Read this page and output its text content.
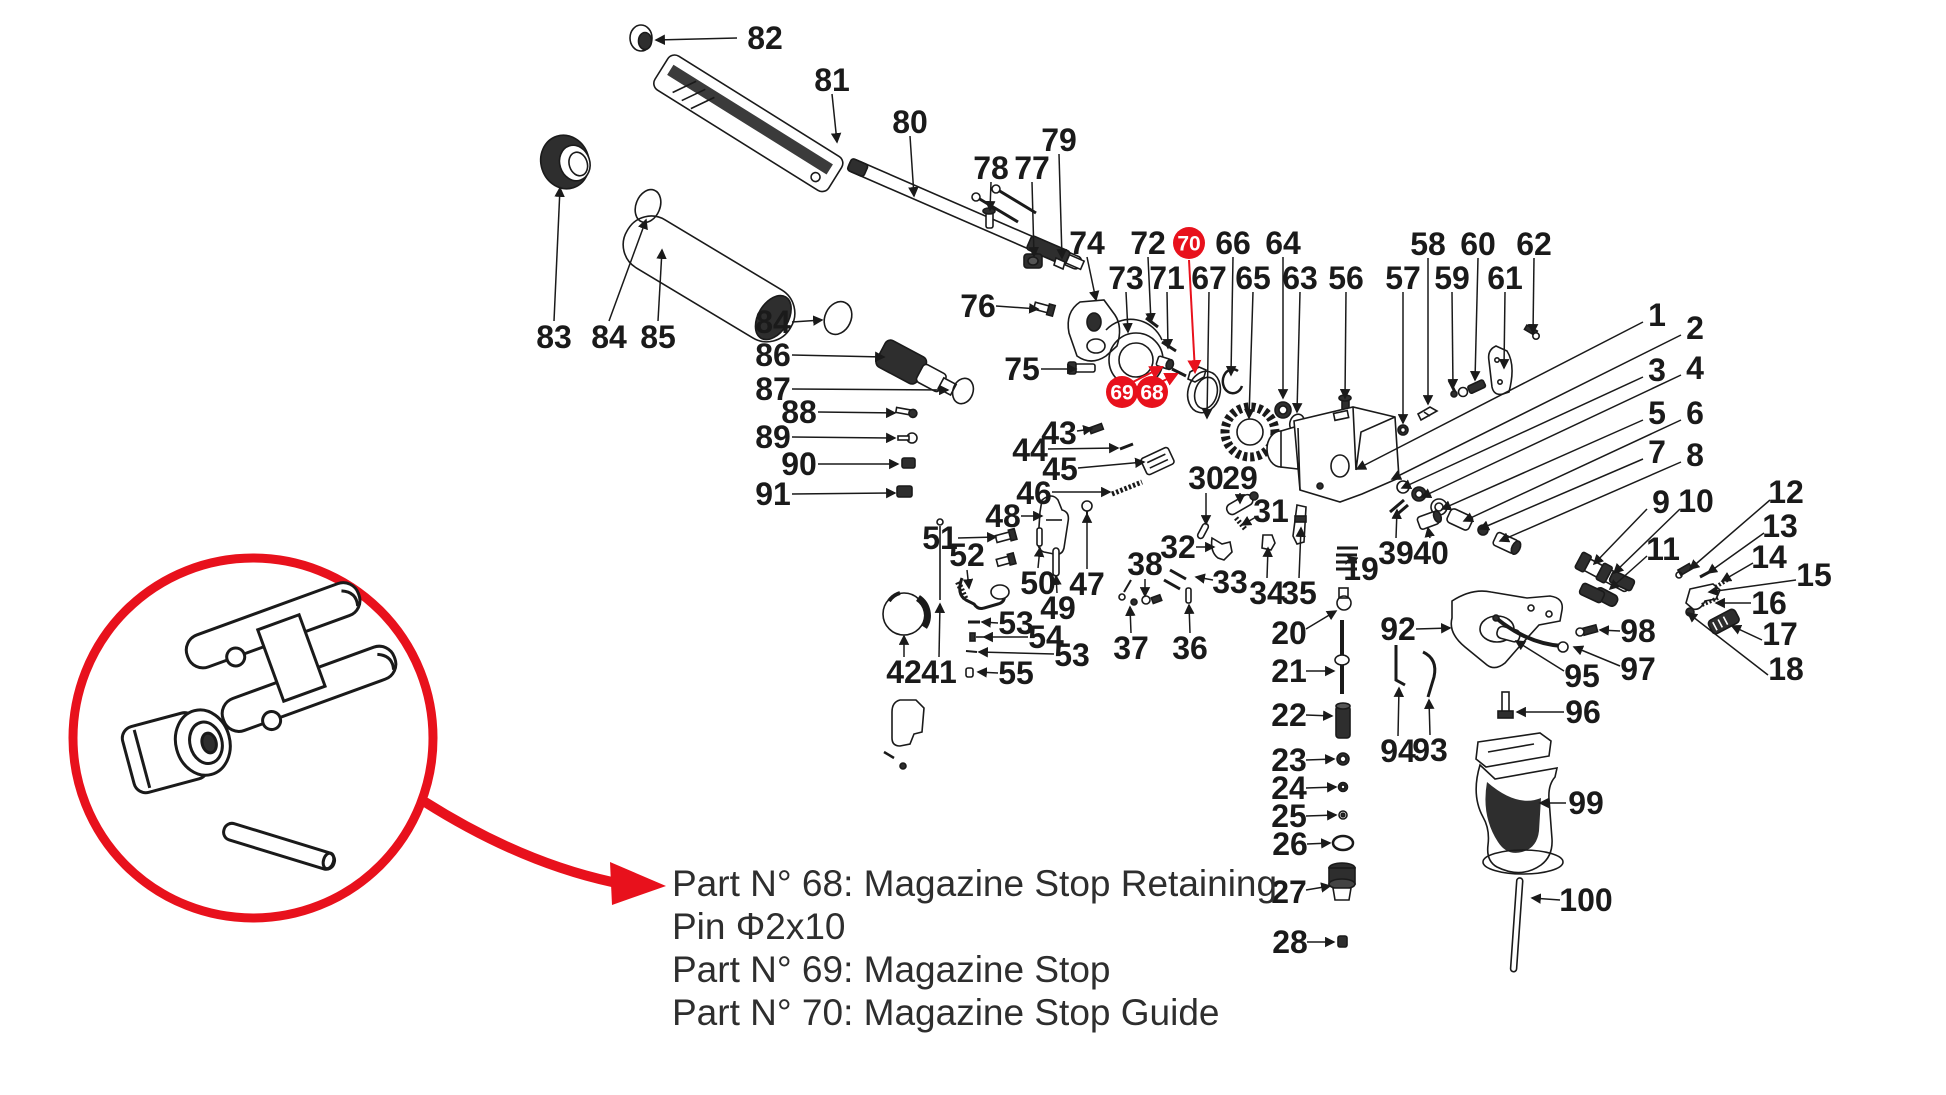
82
81
80	79
78 77
76
75
74
73
72
71 67
66
65
64
63 56 57
58
59
60
61
62
83 84 85 84
86
87
88
89
90
91
1 2
3 4
5 6
7 8
9 10
11
12
13
14 15
16
17
18
98
97
95
96
92
94
93
99
100
19 39 40
30
29
31
32
33 34
35
36
37
38
20
21
22
23
24
25
26
27
28
41
42
43
44
45
46
48
47
49
50
51
52
53
54
53
55
70
69 68
Part N° 68: Magazine Stop Retaining
Pin Φ2x10
Part N° 69: Magazine Stop
Part N° 70: Magazine Stop Guide
